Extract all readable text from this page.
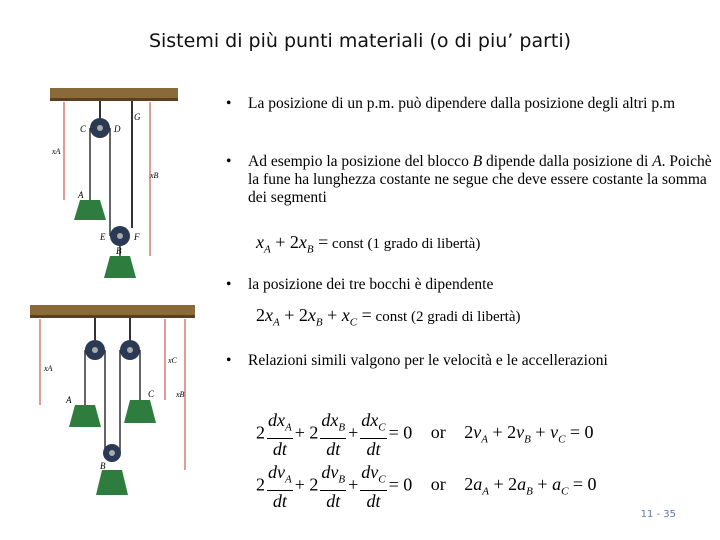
Sistemi di più punti materiali (o di piu’ parti)
C	D
G
xA
xB
A
E	F
B
xA
xC
xB
A
C
B
• La posizione di un p.m. può dipendere dalla posizione degli altri p.m
• Ad esempio la posizione del blocco B dipende dalla posizione di A. Poichè la fune ha lunghezza costante ne segue che deve essere costante la somma dei segmenti
$x_A + 2x_B$ = const (1 grado di libertà)
• la posizione dei tre bocchi è dipendente
$2x_A + 2x_B + x_C$ = const (2 gradi di libertà)
• Relazioni simili valgono per le velocità e le accellerazioni
$2 \frac{dx_A}{dt} + 2 \frac{dx_B}{dt} + \frac{dx_C}{dt} = 0$ or $2v_A + 2v_B + v_C = 0$
$2 \frac{dv_A}{dt} + 2 \frac{dv_B}{dt} + \frac{dv_C}{dt} = 0$ or $2a_A + 2a_B + a_C = 0$
11 - 35
